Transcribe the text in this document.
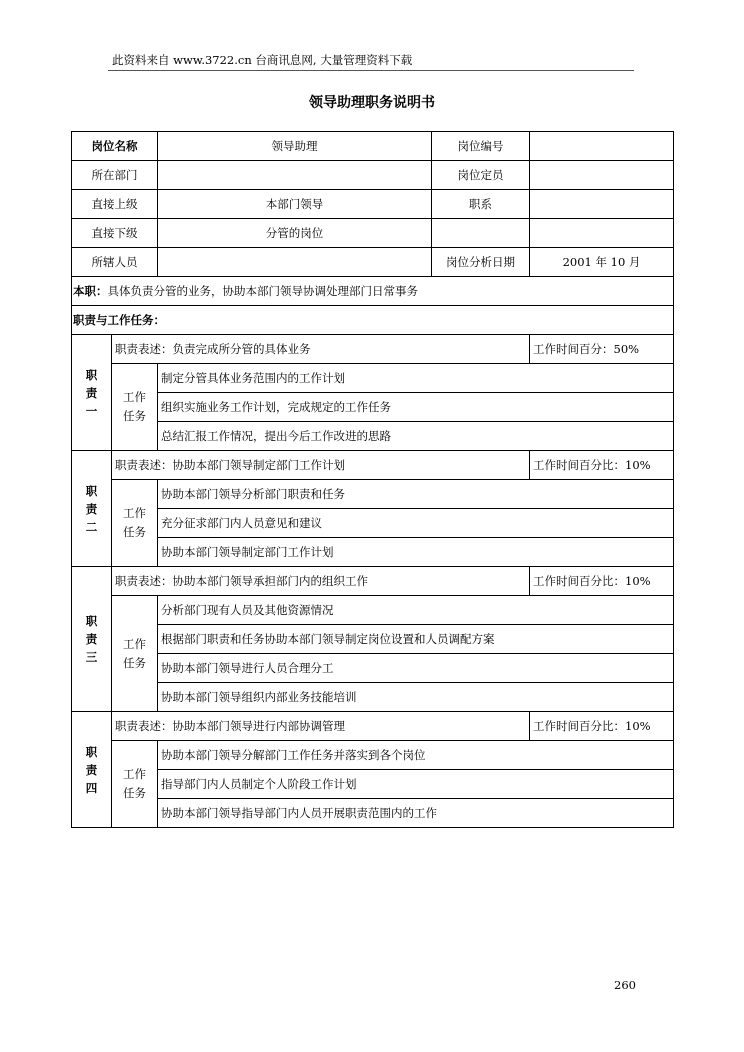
此资料来自 www.3722.cn 台商讯息网, 大量管理资料下载
领导助理职务说明书
岗位名称		领导助理	岗位编号	
所在部门			岗位定员	
直接上级		本部门领导	职系	
直接下级		分管的岗位		
所辖人员			岗位分析日期	2001 年 10 月
本职：具体负责分管的业务，协助本部门领导协调处理部门日常事务				
职责与工作任务：				
职责一	职责表述：负责完成所分管的具体业务			工作时间百分：50%
	工作任务	制定分管具体业务范围内的工作计划		
		组织实施业务工作计划，完成规定的工作任务		
		总结汇报工作情况，提出今后工作改进的思路		
职责二	职责表述：协助本部门领导制定部门工作计划			工作时间百分比：10%
	工作任务	协助本部门领导分析部门职责和任务		
		充分征求部门内人员意见和建议		
		协助本部门领导制定部门工作计划		
职责三	职责表述：协助本部门领导承担部门内的组织工作			工作时间百分比：10%
	工作任务	分析部门现有人员及其他资源情况		
		根据部门职责和任务协助本部门领导制定岗位设置和人员调配方案		
		协助本部门领导进行人员合理分工		
		协助本部门领导组织内部业务技能培训		
职责四	职责表述：协助本部门领导进行内部协调管理			工作时间百分比：10%
	工作任务	协助本部门领导分解部门工作任务并落实到各个岗位		
		指导部门内人员制定个人阶段工作计划		
		协助本部门领导指导部门内人员开展职责范围内的工作		
260
